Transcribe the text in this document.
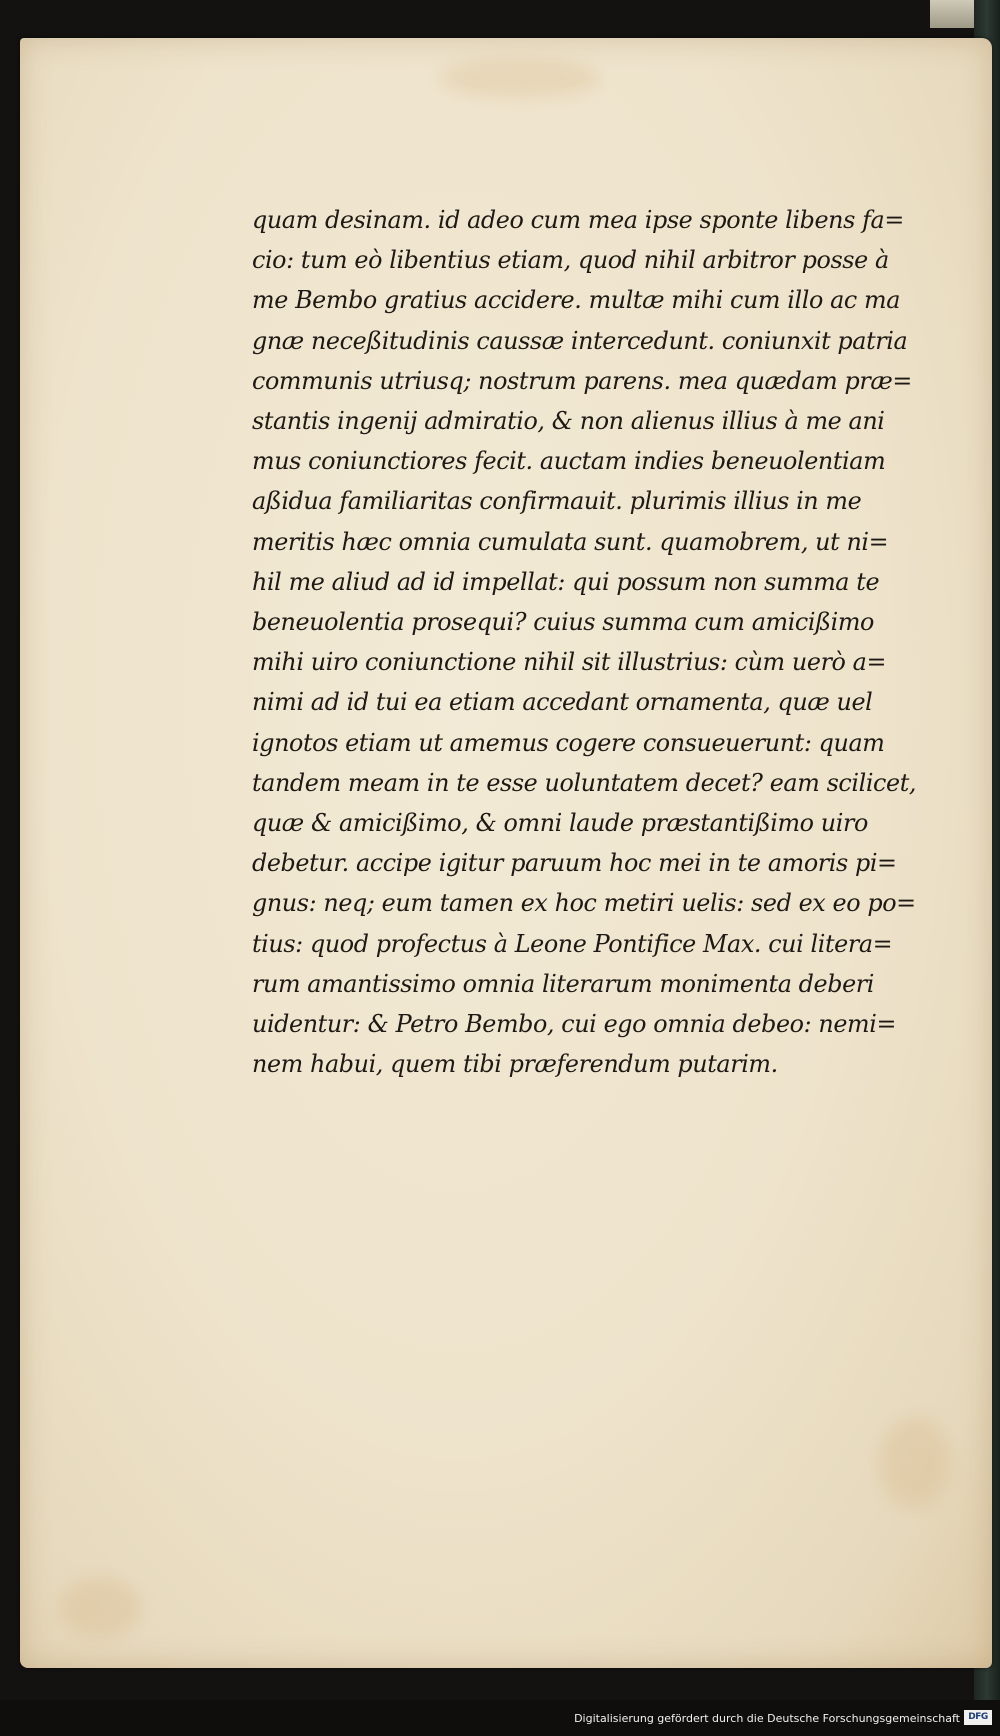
quam desinam. id adeo cum mea ipse sponte libens fa=
cio: tum eò libentius etiam, quod nihil arbitror posse à
me Bembo gratius accidere. multæ mihi cum illo ac ma
gnæ neceßitudinis caussæ intercedunt. coniunxit patria
communis utriusq; nostrum parens. mea quædam præ=
stantis ingenij admiratio, & non alienus illius à me ani
mus coniunctiores fecit. auctam indies beneuolentiam
aßidua familiaritas confirmauit. plurimis illius in me
meritis hæc omnia cumulata sunt. quamobrem, ut ni=
hil me aliud ad id impellat: qui possum non summa te
beneuolentia prosequi? cuius summa cum amicißimo
mihi uiro coniunctione nihil sit illustrius: cùm uerò a=
nimi ad id tui ea etiam accedant ornamenta, quæ uel
ignotos etiam ut amemus cogere consueuerunt: quam
tandem meam in te esse uoluntatem decet? eam scilicet,
quæ & amicißimo, & omni laude præstantißimo uiro
debetur. accipe igitur paruum hoc mei in te amoris pi=
gnus: neq; eum tamen ex hoc metiri uelis: sed ex eo po=
tius: quod profectus à Leone Pontifice Max. cui litera=
rum amantissimo omnia literarum monimenta deberi
uidentur: & Petro Bembo, cui ego omnia debeo: nemi=
nem habui, quem tibi præferendum putarim.
Digitalisierung gefördert durch die Deutsche Forschungsgemeinschaft DFG
